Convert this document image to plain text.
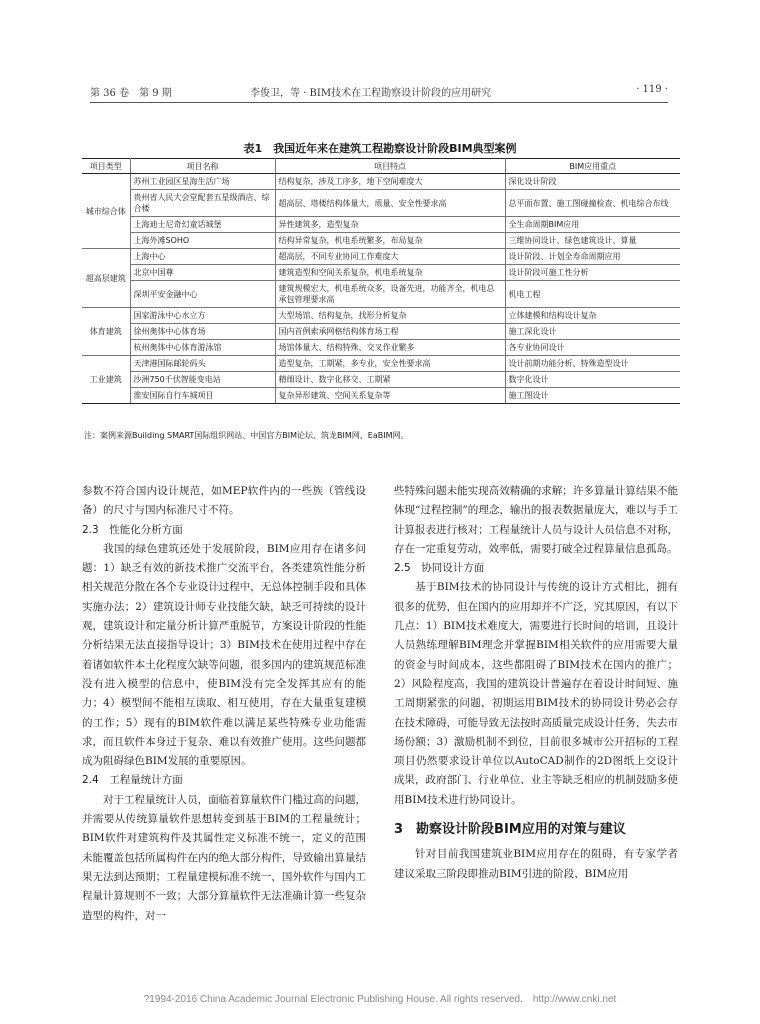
第 36 卷　第 9 期	李俊卫，等 · BIM技术在工程勘察设计阶段的应用研究	· 119 ·
表1　我国近年来在建筑工程勘察设计阶段BIM典型案例
项目类型	项目名称	项目特点	BIM应用重点
城市综合体	苏州工业园区星海生活广场	结构复杂，涉及工序多，地下空间难度大	深化设计阶段
	贵州省人民大会堂配套五星级酒店、综合楼	超高层、塔楼结构体量大，质量、安全性要求高	总平面布置、施工图碰撞检查、机电综合布线
	上海迪士尼奇幻童话城堡	异性建筑多，造型复杂	全生命周期BIM应用
	上海外滩SOHO	结构异常复杂，机电系统繁多，布局复杂	三维协同设计、绿色建筑设计、算量
超高层建筑	上海中心	超高层，不同专业协同工作难度大	设计阶段、计划全寿命周期应用
	北京中国尊	建筑造型和空间关系复杂，机电系统复杂	设计阶段可施工性分析
	深圳平安金融中心	建筑规模宏大，机电系统众多，设备先进，功能齐全，机电总承包管理要求高	机电工程
体育建筑	国家游泳中心水立方	大型场馆、结构复杂，找形分析复杂	立体建模和结构设计复杂
	徐州奥体中心体育场	国内首例索承网格结构体育场工程	施工深化设计
	杭州奥体中心体育游泳馆	场馆体量大、结构特殊、交叉作业繁多	各专业协同设计
工业建筑	天津港国际邮轮码头	造型复杂，工期紧，多专业，安全性要求高	设计前期功能分析、特殊造型设计
	沙洲750千伏智能变电站	精细设计、数字化移交、工期紧	数字化设计
	淮安国际自行车城项目	复杂异形建筑、空间关系复杂等	施工图设计
注：案例来源Building SMART国际组织网站、中国官方BIM论坛、筑龙BIM网、EaBIM网。

参数不符合国内设计规范，如MEP软件内的一些族（管线设备）的尺寸与国内标准尺寸不符。

2.3　性能化分析方面

我国的绿色建筑还处于发展阶段，BIM应用存在诸多问题：1）缺乏有效的新技术推广交流平台，各类建筑性能分析相关规范分散在各个专业设计过程中，无总体控制手段和具体实施办法；2）建筑设计师专业技能欠缺，缺乏可持续的设计观，建筑设计和定量分析计算严重脱节，方案设计阶段的性能分析结果无法直接指导设计；3）BIM技术在使用过程中存在着诸如软件本土化程度欠缺等问题，很多国内的建筑规范标准没有进入模型的信息中，使BIM没有完全发挥其应有的能力；4）模型间不能相互读取、相互使用，存在大量重复建模的工作；5）现有的BIM软件难以满足某些特殊专业功能需求，而且软件本身过于复杂、难以有效推广使用。这些问题都成为阻碍绿色BIM发展的重要原因。

2.4　工程量统计方面

对于工程量统计人员，面临着算量软件门槛过高的问题，并需要从传统算量软件思想转变到基于BIM的工程量统计；BIM软件对建筑构件及其属性定义标准不统一，定义的范围未能覆盖包括所属构件在内的绝大部分构件，导致输出算量结果无法到达预期；工程量建模标准不统一，国外软件与国内工程量计算规则不一致；大部分算量软件无法准确计算一些复杂造型的构件，对一

些特殊问题未能实现高效精确的求解；许多算量计算结果不能体现“过程控制”的理念，输出的报表数据量庞大，难以与手工计算报表进行核对；工程量统计人员与设计人员信息不对称，存在一定重复劳动，效率低，需要打破全过程算量信息孤岛。

2.5　协同设计方面

基于BIM技术的协同设计与传统的设计方式相比，拥有很多的优势，但在国内的应用却并不广泛，究其原因，有以下几点：1）BIM技术难度大，需要进行长时间的培训，且设计人员熟练理解BIM理念并掌握BIM相关软件的应用需要大量的资金与时间成本，这些都阻碍了BIM技术在国内的推广；2）风险程度高，我国的建筑设计普遍存在着设计时间短、施工周期紧张的问题，初期运用BIM技术的协同设计势必会存在技术障碍，可能导致无法按时高质量完成设计任务，失去市场份额；3）激励机制不到位，目前很多城市公开招标的工程项目仍然要求设计单位以AutoCAD制作的2D图纸上交设计成果，政府部门、行业单位、业主等缺乏相应的机制鼓励多使用BIM技术进行协同设计。

3　勘察设计阶段BIM应用的对策与建议

针对目前我国建筑业BIM应用存在的阻碍，有专家学者建议采取三阶段即推动BIM引进的阶段、BIM应用

?1994-2016 China Academic Journal Electronic Publishing House. All rights reserved.　http://www.cnki.net
